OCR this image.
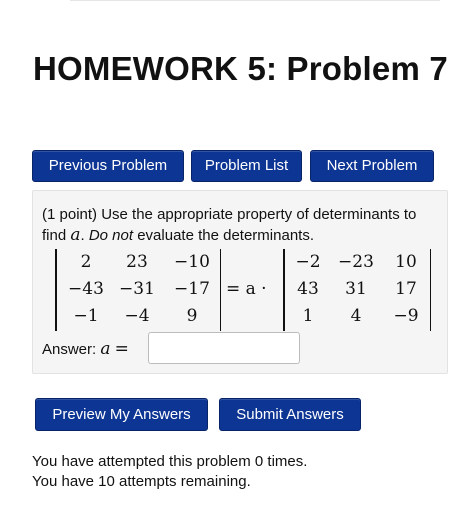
HOMEWORK 5: Problem 7
Previous Problem	Problem List	Next Problem
(1 point) Use the appropriate property of determinants to find a. Do not evaluate the determinants.
2	23	−10
−43 −31	−17
−1	−4	9
= a ·
−2	−23	10
43	31	17
1	4	−9
Answer: a =
Preview My Answers	Submit Answers
You have attempted this problem 0 times.
You have 10 attempts remaining.
